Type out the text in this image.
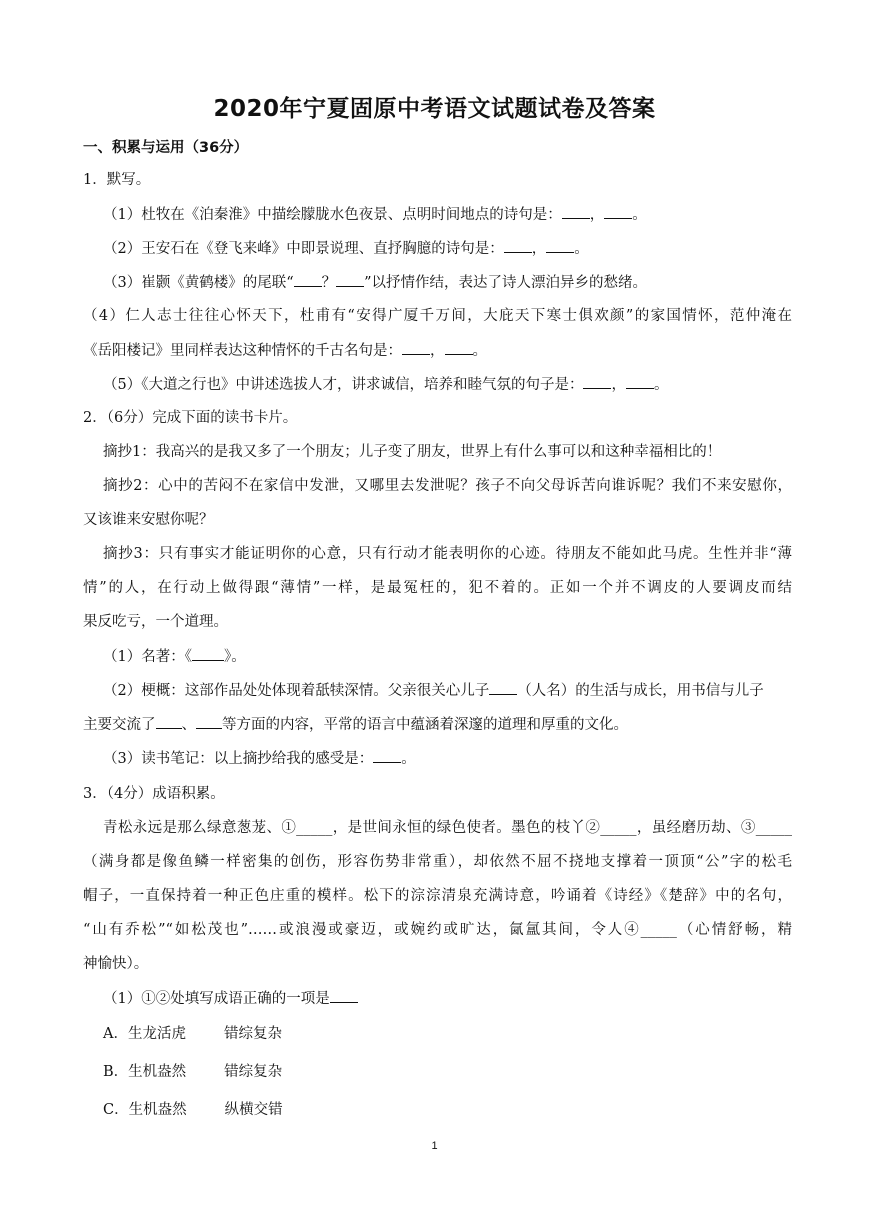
2020年宁夏固原中考语文试题试卷及答案
一、积累与运用（36分）
1．默写。
（1）杜牧在《泊秦淮》中描绘朦胧水色夜景、点明时间地点的诗句是： ， 。
（2）王安石在《登飞来峰》中即景说理、直抒胸臆的诗句是： ， 。
（3）崔颢《黄鹤楼》的尾联“ ？ ”以抒情作结，表达了诗人漂泊异乡的愁绪。
（4）仁人志士往往心怀天下，杜甫有“安得广厦千万间，大庇天下寒士俱欢颜”的家国情怀，范仲淹在
《岳阳楼记》里同样表达这种情怀的千古名句是： ， 。
（5）《大道之行也》中讲述选拔人才，讲求诚信，培养和睦气氛的句子是： ， 。
2．（6分）完成下面的读书卡片。
摘抄1：我高兴的是我又多了一个朋友；儿子变了朋友，世界上有什么事可以和这种幸福相比的！
摘抄2：心中的苦闷不在家信中发泄，又哪里去发泄呢？孩子不向父母诉苦向谁诉呢？我们不来安慰你，
又该谁来安慰你呢？
摘抄3：只有事实才能证明你的心意，只有行动才能表明你的心迹。待朋友不能如此马虎。生性并非“薄
情”的人，在行动上做得跟“薄情”一样，是最冤枉的，犯不着的。正如一个并不调皮的人要调皮而结
果反吃亏，一个道理。
（1）名著：《 》。
（2）梗概：这部作品处处体现着舐犊深情。父亲很关心儿子 （人名）的生活与成长，用书信与儿子
主要交流了 、 等方面的内容，平常的语言中蕴涵着深邃的道理和厚重的文化。
（3）读书笔记：以上摘抄给我的感受是： 。
3．（4分）成语积累。
青松永远是那么绿意葱茏、①_____，是世间永恒的绿色使者。墨色的枝丫②_____，虽经磨历劫、③_____
（满身都是像鱼鳞一样密集的创伤，形容伤势非常重），却依然不屈不挠地支撑着一顶顶“公”字的松毛
帽子，一直保持着一种正色庄重的模样。松下的淙淙清泉充满诗意，吟诵着《诗经》《楚辞》中的名句，
“山有乔松”“如松茂也”……或浪漫或豪迈，或婉约或旷达，氤氲其间，令人④_____（心情舒畅，精
神愉快）。
（1）①②处填写成语正确的一项是
A．生龙活虎	错综复杂
B．生机盎然	错综复杂
C．生机盎然	纵横交错
1
